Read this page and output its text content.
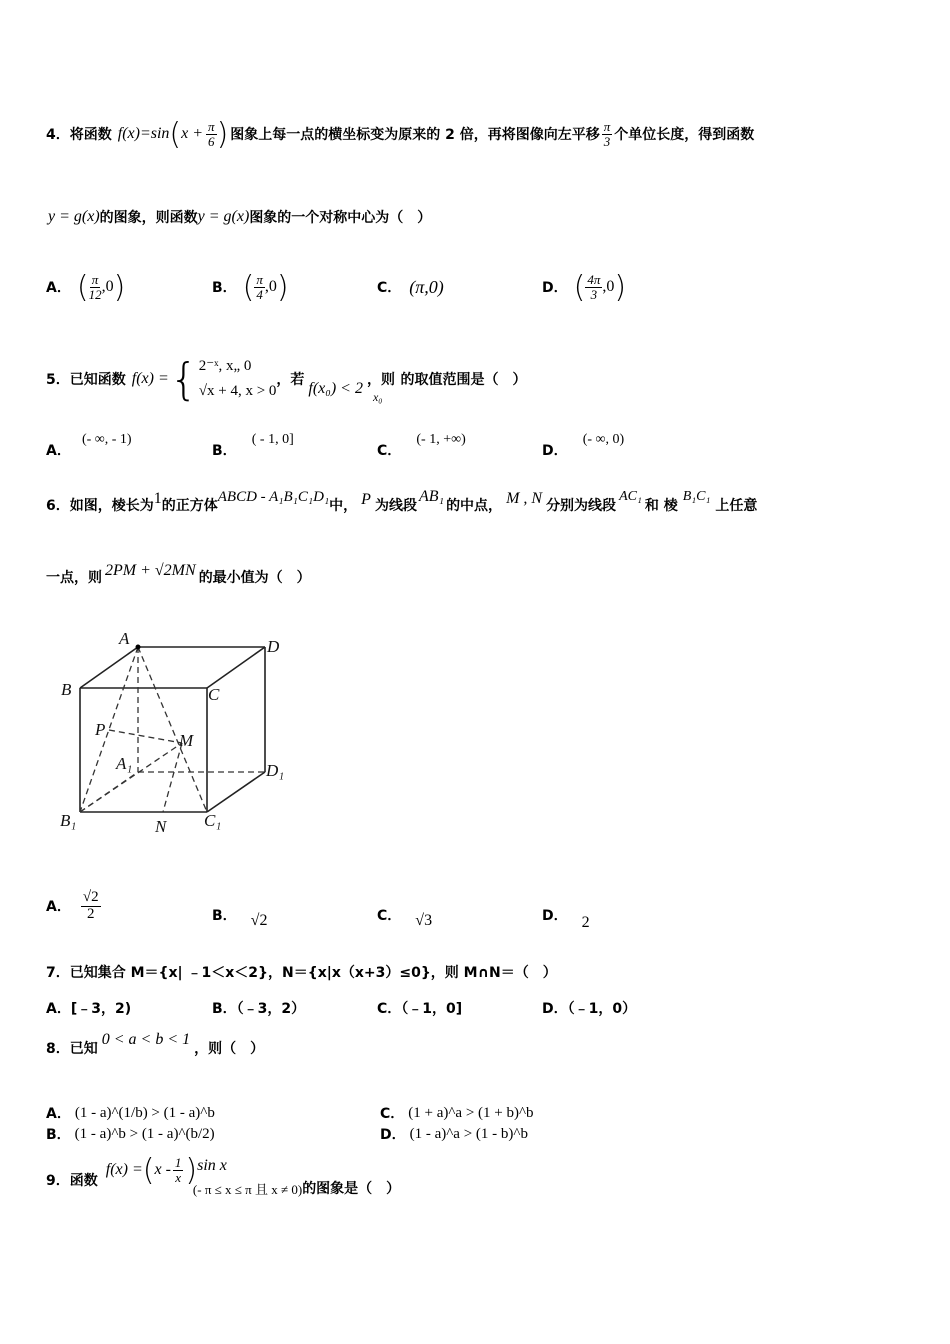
4．将函数 f(x)=sin ( $x + \frac{\pi}{6}$ ) 图象上每一点的横坐标变为原来的 2 倍，再将图像向左平移 $\frac{\pi}{3}$ 个单位长度，得到函数
y = g(x) 的图象，则函数 y = g(x) 图象的一个对称中心为（　）
A． ( $\frac{\pi}{12} ,0$ )	B． ( $\frac{\pi}{4} ,0$ )	C． (π,0)	D． ( $\frac{4\pi}{3} ,0$ )
5．已知函数 f(x) = { 2⁻ˣ, x„ 0
√x + 4, x > 0
，若 f(x₀) < 2 ，则
x₀
的取值范围是（　）
A． (- ∞, - 1)
B． ( - 1, 0]
C． (- 1, +∞)
D． (- ∞, 0)
6．如图，棱长为 1 的正方体
ABCD - A₁B₁C₁D₁
中， P 为线段
AB₁
的中点， M , N 分别为线段
AC₁
和 棱
B₁C₁
上任意
一点，则 2PM + √2MN 的最小值为（　）
A	D
B	C
P
M
A₁	D₁
B₁	N C₁
A． $\frac{√2}{2}$	B． √2	C． √3	D． 2
7．已知集合 M＝{x| ﹣1＜x＜2}，N＝{x|x（x+3）≤0}，则 M∩N＝（　）
A．[﹣3，2)	B．（﹣3，2）	C．（﹣1，0]	D．（﹣1，0）
8．已知
0 < a < b < 1
，则（　）
A． (1 - a)^(1/b) > (1 - a)^b
B． (1 - a)^b > (1 - a)^(b/2)
C． (1 + a)^a > (1 + b)^b
D． (1 - a)^a > (1 - b)^b
9．函数
f(x) = ( x - $\frac{1}{x}$ ) sin x
(- π ≤ x ≤ π 且 x ≠ 0) 的图象是（　）
